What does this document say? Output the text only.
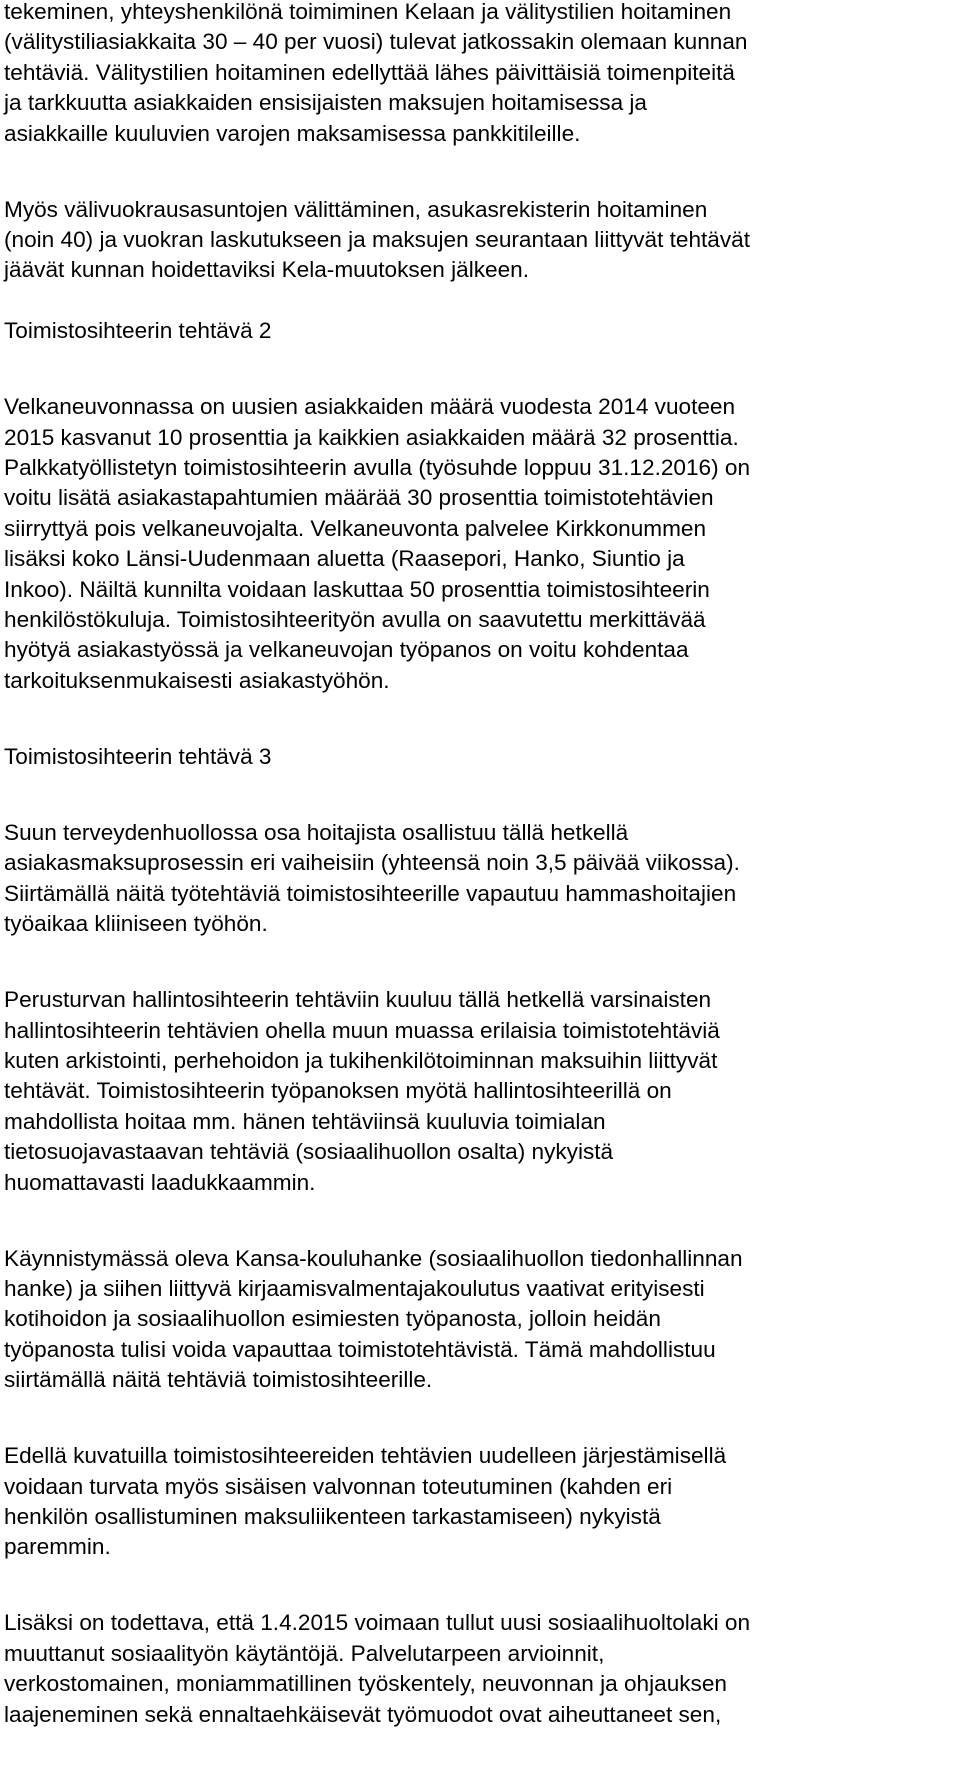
tekeminen, yhteyshenkilönä toimiminen Kelaan ja välitystilien hoitaminen
(välitystiliasiakkaita 30 – 40 per vuosi) tulevat jatkossakin olemaan kunnan
tehtäviä. Välitystilien hoitaminen edellyttää lähes päivittäisiä toimenpiteitä
ja tarkkuutta asiakkaiden ensisijaisten maksujen hoitamisessa ja
asiakkaille kuuluvien varojen maksamisessa pankkitileille.
Myös välivuokrausasuntojen välittäminen, asukasrekisterin hoitaminen
(noin 40) ja vuokran laskutukseen ja maksujen seurantaan liittyvät tehtävät
jäävät kunnan hoidettaviksi Kela-muutoksen jälkeen.
Toimistosihteerin tehtävä 2
Velkaneuvonnassa on uusien asiakkaiden määrä vuodesta 2014 vuoteen
2015 kasvanut 10 prosenttia ja kaikkien asiakkaiden määrä 32 prosenttia.
Palkkatyöllistetyn toimistosihteerin avulla (työsuhde loppuu 31.12.2016) on
voitu lisätä asiakastapahtumien määrää 30 prosenttia toimistotehtävien
siirryttyä pois velkaneuvojalta. Velkaneuvonta palvelee Kirkkonummen
lisäksi koko Länsi-Uudenmaan aluetta (Raasepori, Hanko, Siuntio ja
Inkoo). Näiltä kunnilta voidaan laskuttaa 50 prosenttia toimistosihteerin
henkilöstökuluja. Toimistosihteerityön avulla on saavutettu merkittävää
hyötyä asiakastyössä ja velkaneuvojan työpanos on voitu kohdentaa
tarkoituksenmukaisesti asiakastyöhön.
Toimistosihteerin tehtävä 3
Suun terveydenhuollossa osa hoitajista osallistuu tällä hetkellä
asiakasmaksuprosessin eri vaiheisiin (yhteensä noin 3,5 päivää viikossa).
Siirtämällä näitä työtehtäviä toimistosihteerille vapautuu hammashoitajien
työaikaa kliiniseen työhön.
Perusturvan hallintosihteerin tehtäviin kuuluu tällä hetkellä varsinaisten
hallintosihteerin tehtävien ohella muun muassa erilaisia toimistotehtäviä
kuten arkistointi, perhehoidon ja tukihenkilötoiminnan maksuihin liittyvät
tehtävät. Toimistosihteerin työpanoksen myötä hallintosihteerillä on
mahdollista hoitaa mm. hänen tehtäviinsä kuuluvia toimialan
tietosuojavastaavan tehtäviä (sosiaalihuollon osalta) nykyistä
huomattavasti laadukkaammin.
Käynnistymässä oleva Kansa-kouluhanke (sosiaalihuollon tiedonhallinnan
hanke) ja siihen liittyvä kirjaamisvalmentajakoulutus vaativat erityisesti
kotihoidon ja sosiaalihuollon esimiesten työpanosta, jolloin heidän
työpanosta tulisi voida vapauttaa toimistotehtävistä. Tämä mahdollistuu
siirtämällä näitä tehtäviä toimistosihteerille.
Edellä kuvatuilla toimistosihteereiden tehtävien uudelleen järjestämisellä
voidaan turvata myös sisäisen valvonnan toteutuminen (kahden eri
henkilön osallistuminen maksuliikenteen tarkastamiseen) nykyistä
paremmin.
Lisäksi on todettava, että 1.4.2015 voimaan tullut uusi sosiaalihuoltolaki on
muuttanut sosiaalityön käytäntöjä. Palvelutarpeen arvioinnit,
verkostomainen, moniammatillinen työskentely, neuvonnan ja ohjauksen
laajeneminen sekä ennaltaehkäisevät työmuodot ovat aiheuttaneet sen,
